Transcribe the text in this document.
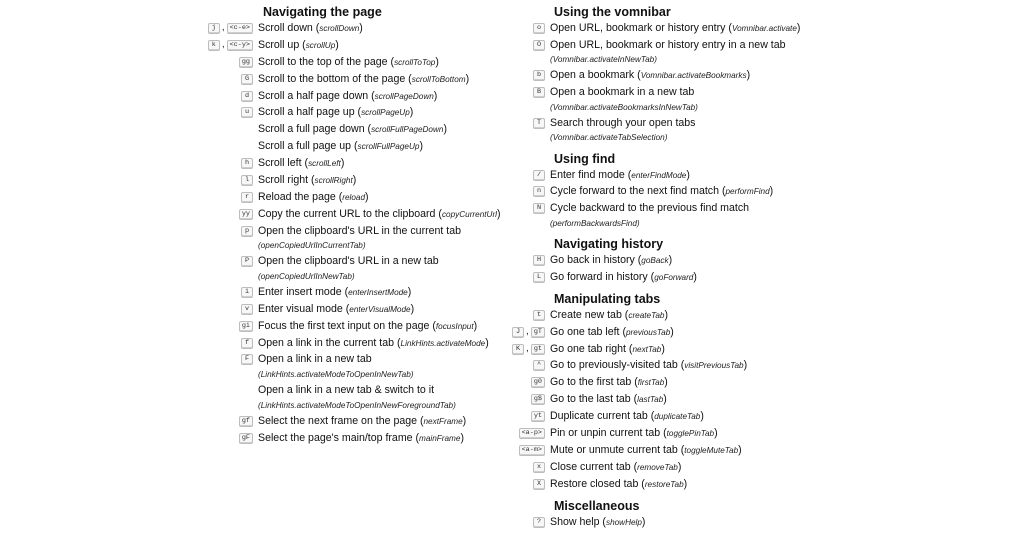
Navigating the page
j , <c-e> Scroll down (scrollDown)
k , <c-y> Scroll up (scrollUp)
gg Scroll to the top of the page (scrollToTop)
G Scroll to the bottom of the page (scrollToBottom)
d Scroll a half page down (scrollPageDown)
u Scroll a half page up (scrollPageUp)
Scroll a full page down (scrollFullPageDown)
Scroll a full page up (scrollFullPageUp)
h Scroll left (scrollLeft)
l Scroll right (scrollRight)
r Reload the page (reload)
yy Copy the current URL to the clipboard (copyCurrentUrl)
p Open the clipboard's URL in the current tab
(openCopiedUrlInCurrentTab)
P Open the clipboard's URL in a new tab
(openCopiedUrlInNewTab)
i Enter insert mode (enterInsertMode)
v Enter visual mode (enterVisualMode)
gi Focus the first text input on the page (focusInput)
f Open a link in the current tab (LinkHints.activateMode)
F Open a link in a new tab
(LinkHints.activateModeToOpenInNewTab)
Open a link in a new tab & switch to it
(LinkHints.activateModeToOpenInNewForegroundTab)
gf Select the next frame on the page (nextFrame)
gF Select the page's main/top frame (mainFrame)
Using the vomnibar
o Open URL, bookmark or history entry (Vomnibar.activate)
O Open URL, bookmark or history entry in a new tab
(Vomnibar.activateInNewTab)
b Open a bookmark (Vomnibar.activateBookmarks)
B Open a bookmark in a new tab
(Vomnibar.activateBookmarksInNewTab)
T Search through your open tabs
(Vomnibar.activateTabSelection)
Using find
/ Enter find mode (enterFindMode)
n Cycle forward to the next find match (performFind)
N Cycle backward to the previous find match
(performBackwardsFind)
Navigating history
H Go back in history (goBack)
L Go forward in history (goForward)
Manipulating tabs
t Create new tab (createTab)
J , gT Go one tab left (previousTab)
K , gt Go one tab right (nextTab)
^ Go to previously-visited tab (visitPreviousTab)
g0 Go to the first tab (firstTab)
g$ Go to the last tab (lastTab)
yt Duplicate current tab (duplicateTab)
<a-p> Pin or unpin current tab (togglePinTab)
<a-m> Mute or unmute current tab (toggleMuteTab)
x Close current tab (removeTab)
X Restore closed tab (restoreTab)
Miscellaneous
? Show help (showHelp)
